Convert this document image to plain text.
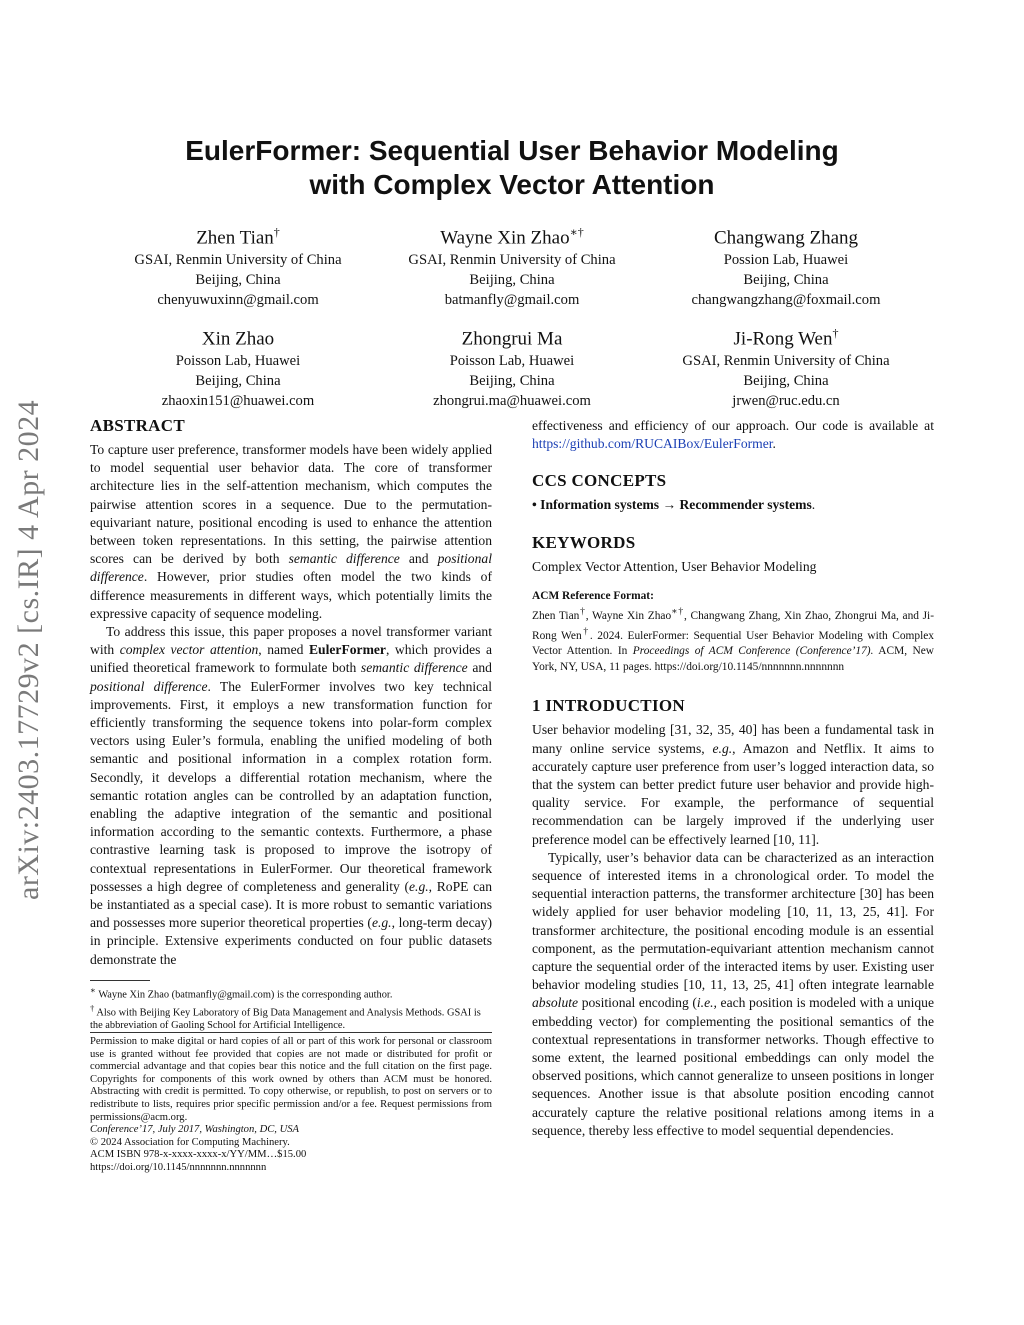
arXiv:2403.17729v2 [cs.IR] 4 Apr 2024
EulerFormer: Sequential User Behavior Modeling
with Complex Vector Attention
Zhen Tian†
GSAI, Renmin University of China
Beijing, China
chenyuwuxinn@gmail.com
Wayne Xin Zhao∗†
GSAI, Renmin University of China
Beijing, China
batmanfly@gmail.com
Changwang Zhang
Possion Lab, Huawei
Beijing, China
changwangzhang@foxmail.com
Xin Zhao
Poisson Lab, Huawei
Beijing, China
zhaoxin151@huawei.com
Zhongrui Ma
Poisson Lab, Huawei
Beijing, China
zhongrui.ma@huawei.com
Ji-Rong Wen†
GSAI, Renmin University of China
Beijing, China
jrwen@ruc.edu.cn
ABSTRACT

To capture user preference, transformer models have been widely applied to model sequential user behavior data. The core of transformer architecture lies in the self-attention mechanism, which computes the pairwise attention scores in a sequence. Due to the permutation-equivariant nature, positional encoding is used to enhance the attention between token representations. In this setting, the pairwise attention scores can be derived by both semantic difference and positional difference. However, prior studies often model the two kinds of difference measurements in different ways, which potentially limits the expressive capacity of sequence modeling.

To address this issue, this paper proposes a novel transformer variant with complex vector attention, named EulerFormer, which provides a unified theoretical framework to formulate both semantic difference and positional difference. The EulerFormer involves two key technical improvements. First, it employs a new transformation function for efficiently transforming the sequence tokens into polar-form complex vectors using Euler’s formula, enabling the unified modeling of both semantic and positional information in a complex rotation form. Secondly, it develops a differential rotation mechanism, where the semantic rotation angles can be controlled by an adaptation function, enabling the adaptive integration of the semantic and positional information according to the semantic contexts. Furthermore, a phase contrastive learning task is proposed to improve the isotropy of contextual representations in EulerFormer. Our theoretical framework possesses a high degree of completeness and generality (e.g., RoPE can be instantiated as a special case). It is more robust to semantic variations and possesses more superior theoretical properties (e.g., long-term decay) in principle. Extensive experiments conducted on four public datasets demonstrate the

∗ Wayne Xin Zhao (batmanfly@gmail.com) is the corresponding author.
† Also with Beijing Key Laboratory of Big Data Management and Analysis Methods. GSAI is the abbreviation of Gaoling School for Artificial Intelligence.
Permission to make digital or hard copies of all or part of this work for personal or classroom use is granted without fee provided that copies are not made or distributed for profit or commercial advantage and that copies bear this notice and the full citation on the first page. Copyrights for components of this work owned by others than ACM must be honored. Abstracting with credit is permitted. To copy otherwise, or republish, to post on servers or to redistribute to lists, requires prior specific permission and/or a fee. Request permissions from permissions@acm.org.
Conference’17, July 2017, Washington, DC, USA
© 2024 Association for Computing Machinery.
ACM ISBN 978-x-xxxx-xxxx-x/YY/MM…$15.00
https://doi.org/10.1145/nnnnnnn.nnnnnnn

effectiveness and efficiency of our approach. Our code is available at https://github.com/RUCAIBox/EulerFormer.

CCS CONCEPTS

• Information systems → Recommender systems.

KEYWORDS

Complex Vector Attention, User Behavior Modeling

ACM Reference Format:
Zhen Tian†, Wayne Xin Zhao∗†, Changwang Zhang, Xin Zhao, Zhongrui Ma, and Ji-Rong Wen†. 2024. EulerFormer: Sequential User Behavior Modeling with Complex Vector Attention. In Proceedings of ACM Conference (Conference’17). ACM, New York, NY, USA, 11 pages. https://doi.org/10.1145/nnnnnnn.nnnnnnn
1 INTRODUCTION

User behavior modeling [31, 32, 35, 40] has been a fundamental task in many online service systems, e.g., Amazon and Netflix. It aims to accurately capture user preference from user’s logged interaction data, so that the system can better predict future user behavior and provide high-quality service. For example, the performance of sequential recommendation can be largely improved if the underlying user preference model can be effectively learned [10, 11].

Typically, user’s behavior data can be characterized as an interaction sequence of interested items in a chronological order. To model the sequential interaction patterns, the transformer architecture [30] has been widely applied for user behavior modeling [10, 11, 13, 25, 41]. For transformer architecture, the positional encoding module is an essential component, as the permutation-equivariant attention mechanism cannot capture the sequential order of the interacted items by user. Existing user behavior modeling studies [10, 11, 13, 25, 41] often integrate learnable absolute positional encoding (i.e., each position is modeled with a unique embedding vector) for complementing the positional semantics of the contextual representations in transformer networks. Though effective to some extent, the learned positional embeddings can only model the observed positions, which cannot generalize to unseen positions in longer sequences. Another issue is that absolute position encoding cannot accurately capture the relative positional relations among items in a sequence, thereby less effective to model sequential dependencies.
